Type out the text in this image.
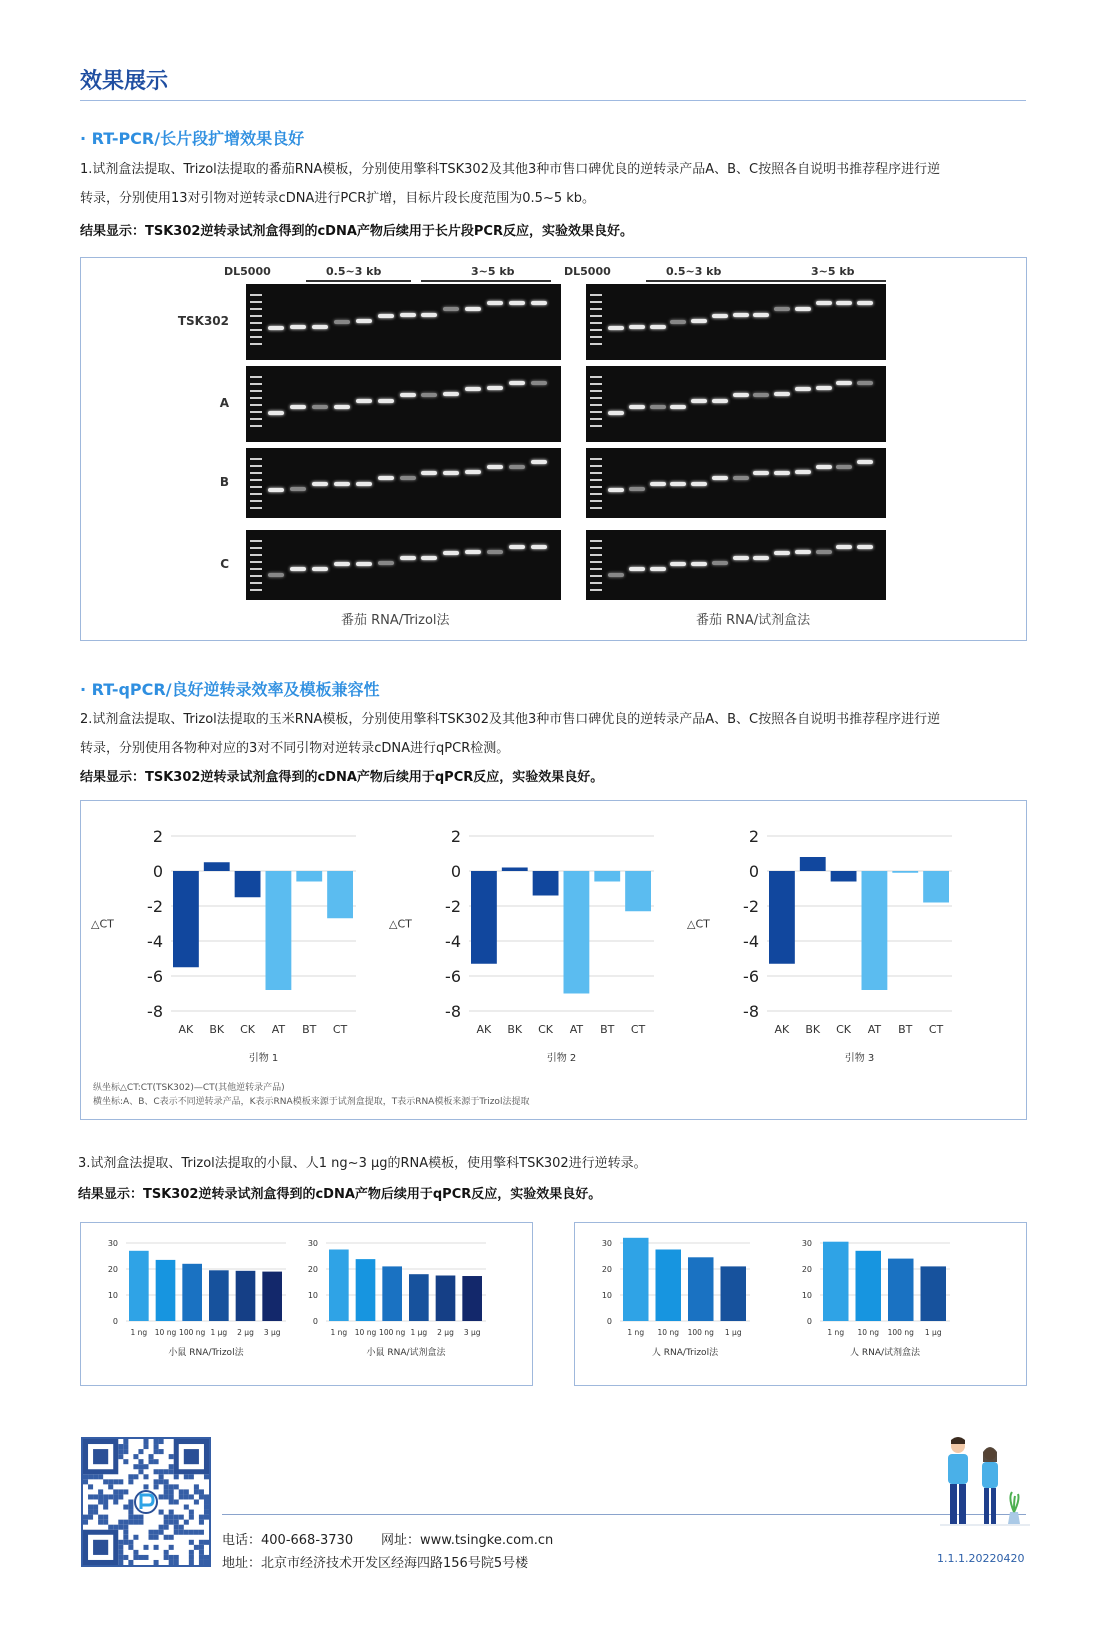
效果展示
· RT-PCR/长片段扩增效果良好
1.试剂盒法提取、Trizol法提取的番茄RNA模板，分别使用擎科TSK302及其他3种市售口碑优良的逆转录产品A、B、C按照各自说明书推荐程序进行逆
转录，分别使用13对引物对逆转录cDNA进行PCR扩增，目标片段长度范围为0.5~5 kb。
结果显示：TSK302逆转录试剂盒得到的cDNA产物后续用于长片段PCR反应，实验效果良好。
DL5000	0.5~3 kb	3~5 kb
番茄 RNA/Trizol法
DL5000	0.5~3 kb	3~5 kb
番茄 RNA/试剂盒法
TSK302
A
B
C
· RT-qPCR/良好逆转录效率及模板兼容性
2.试剂盒法提取、Trizol法提取的玉米RNA模板，分别使用擎科TSK302及其他3种市售口碑优良的逆转录产品A、B、C按照各自说明书推荐程序进行逆
转录，分别使用各物种对应的3对不同引物对逆转录cDNA进行qPCR检测。
结果显示：TSK302逆转录试剂盒得到的cDNA产物后续用于qPCR反应，实验效果良好。
2
0
-2
-4
-6
-8
△CT
AK BK CK AT BT CT
引物 1
2
0
-2
-4
-6
-8
△CT
AK BK CK AT BT CT
引物 2
2
0
-2
-4
-6
-8
△CT
AK BK CK AT BT CT
引物 3
纵坐标△CT:CT(TSK302)—CT(其他逆转录产品)
横坐标:A、B、C表示不同逆转录产品，K表示RNA模板来源于试剂盒提取，T表示RNA模板来源于Trizol法提取
3.试剂盒法提取、Trizol法提取的小鼠、人1 ng~3 μg的RNA模板，使用擎科TSK302进行逆转录。
结果显示：TSK302逆转录试剂盒得到的cDNA产物后续用于qPCR反应，实验效果良好。
30
20
10
0
1 ng 10 ng 100 ng 1 μg 2 μg 3 μg
小鼠 RNA/Trizol法
30
20
10
0
1 ng 10 ng 100 ng 1 μg 2 μg 3 μg
小鼠 RNA/试剂盒法
30
20
10
0
1 ng 10 ng 100 ng 1 μg
人 RNA/Trizol法
30
20
10
0
1 ng 10 ng 100 ng 1 μg
人 RNA/试剂盒法
电话：400-668-3730 网址：www.tsingke.com.cn
地址：北京市经济技术开发区经海四路156号院5号楼	1.1.1.20220420
